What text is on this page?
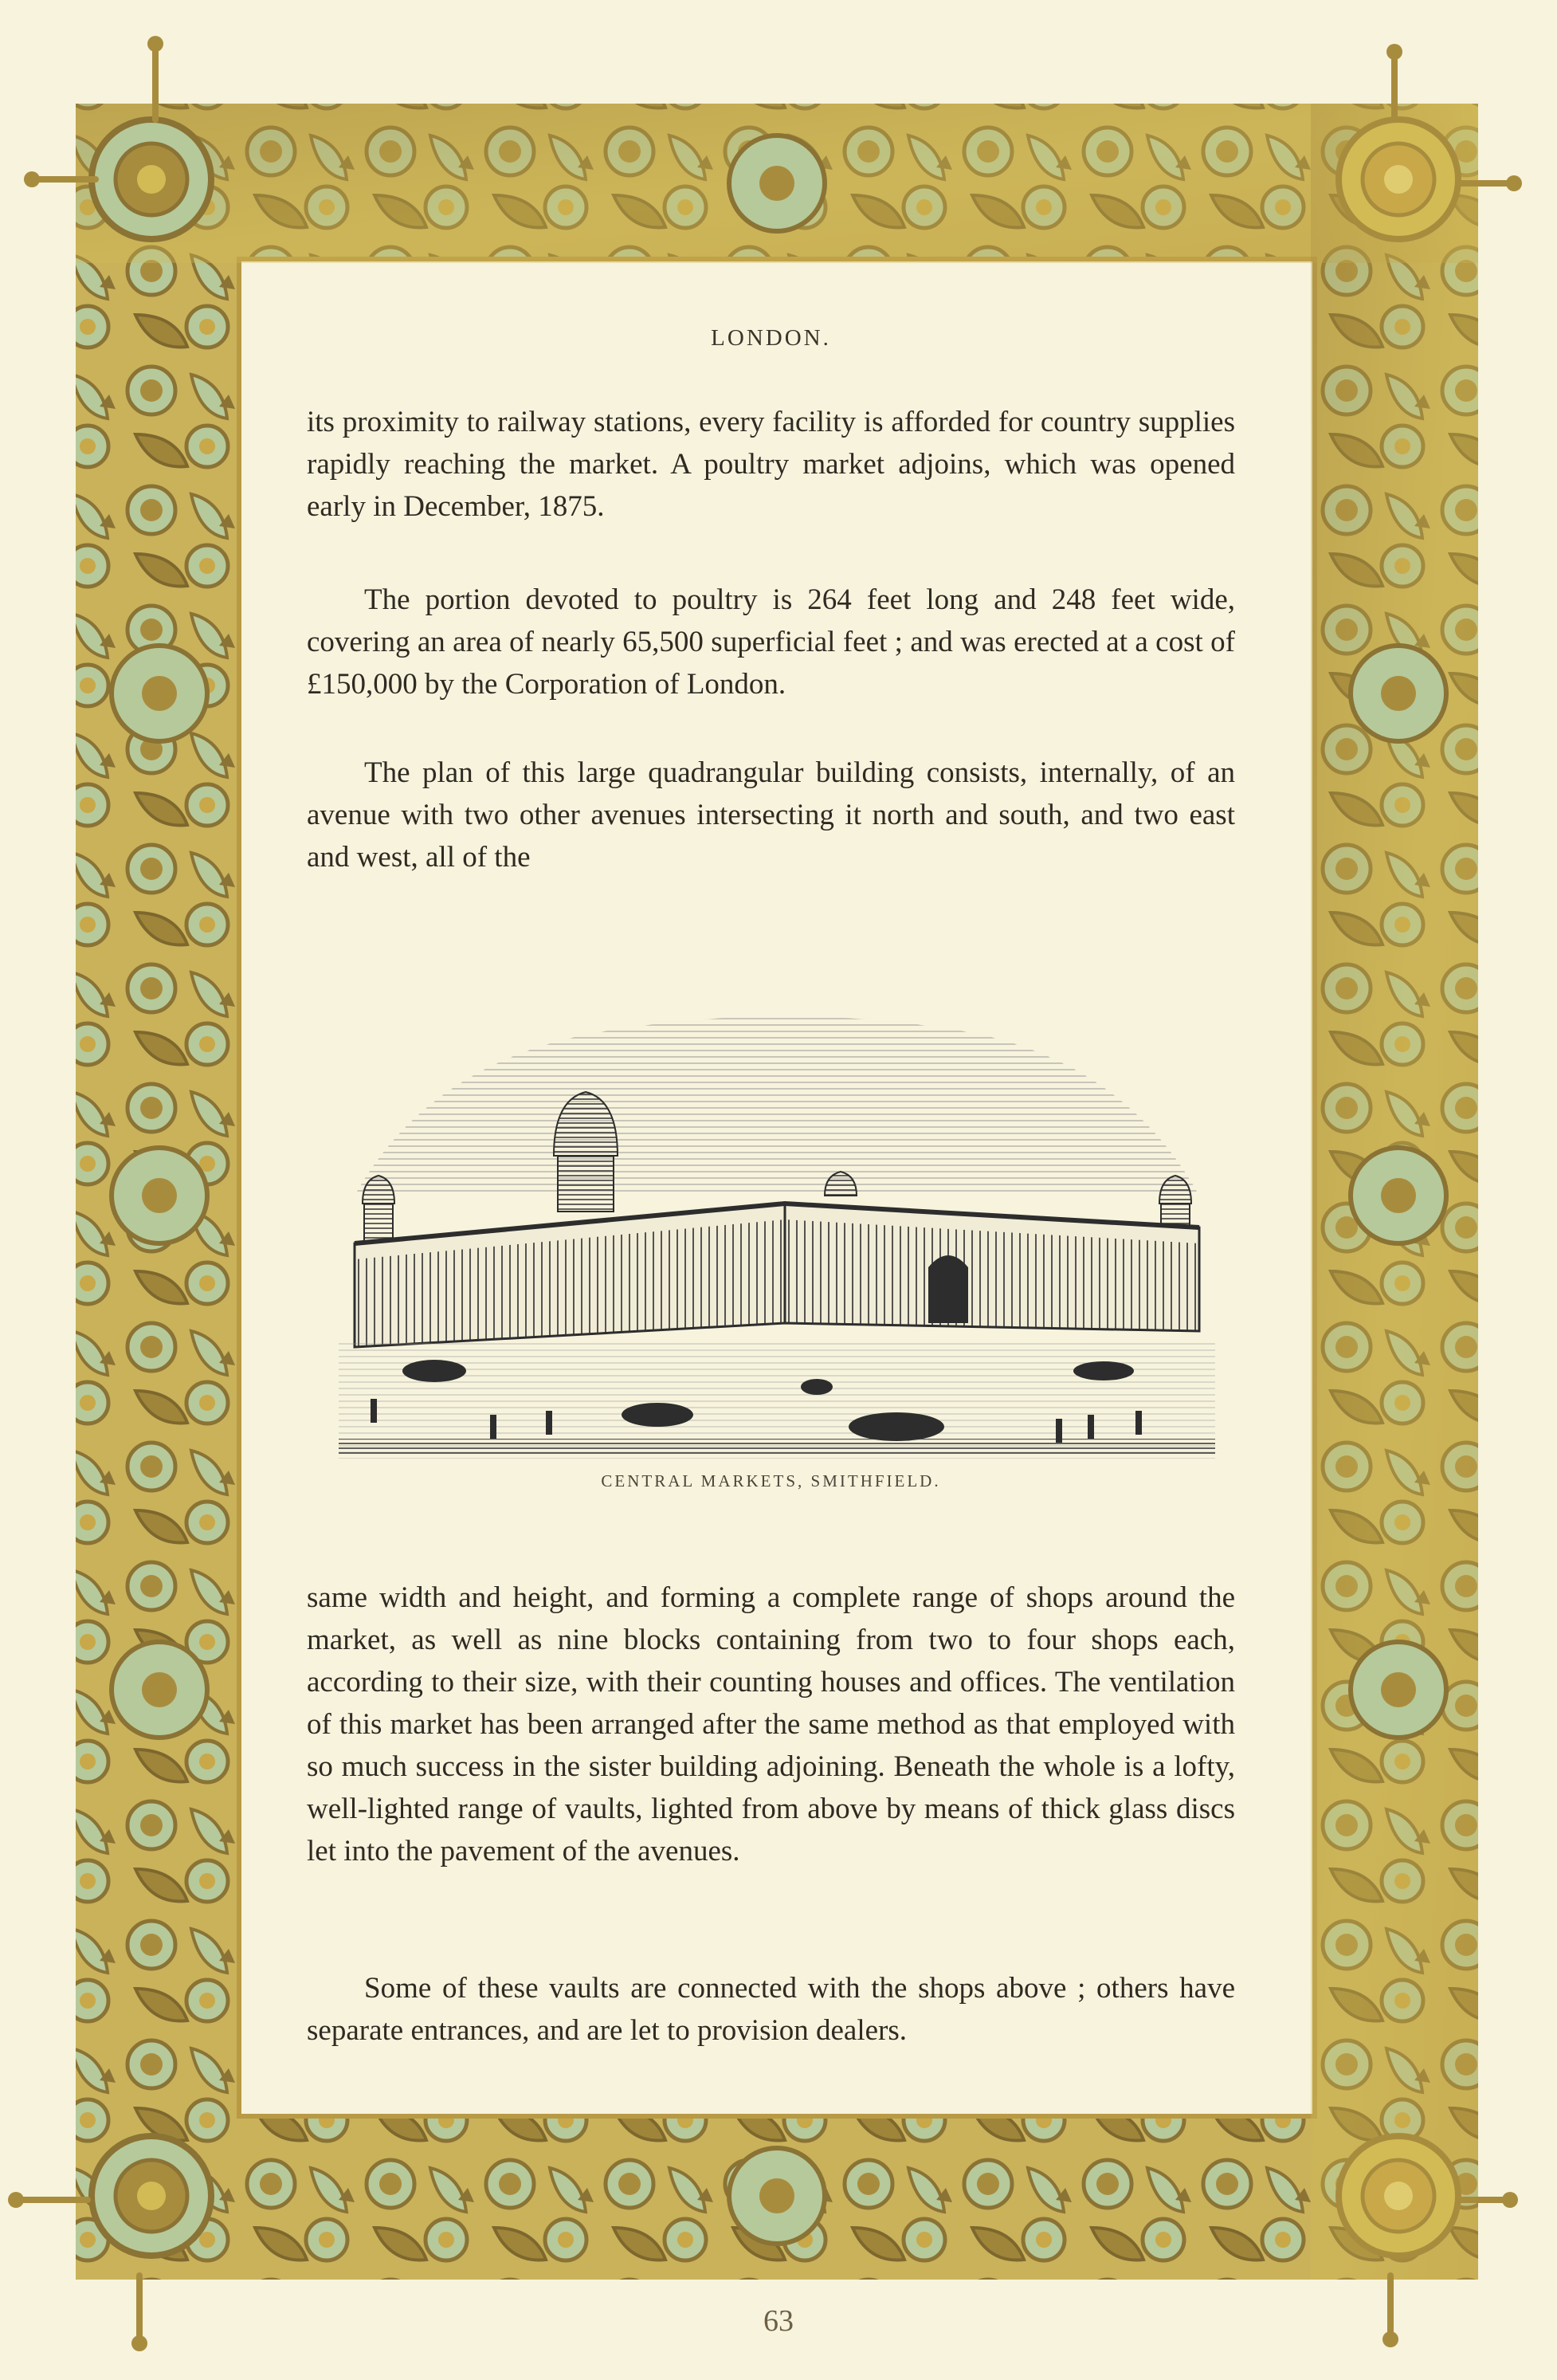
LONDON.

its proximity to railway stations, every facility is afforded for country supplies rapidly reaching the market. A poultry market adjoins, which was opened early in December, 1875.

The portion devoted to poultry is 264 feet long and 248 feet wide, covering an area of nearly 65,500 superficial feet ; and was erected at a cost of £150,000 by the Corporation of London.

The plan of this large quadrangular building consists, internally, of an avenue with two other avenues intersecting it north and south, and two east and west, all of the

same width and height, and forming a complete range of shops around the market, as well as nine blocks containing from two to four shops each, according to their size, with their counting houses and offices. The ventilation of this market has been arranged after the same method as that employed with so much success in the sister building adjoining. Beneath the whole is a lofty, well-lighted range of vaults, lighted from above by means of thick glass discs let into the pavement of the avenues.

Some of these vaults are connected with the shops above ; others have separate entrances, and are let to provision dealers.

CENTRAL MARKETS, SMITHFIELD.
63
